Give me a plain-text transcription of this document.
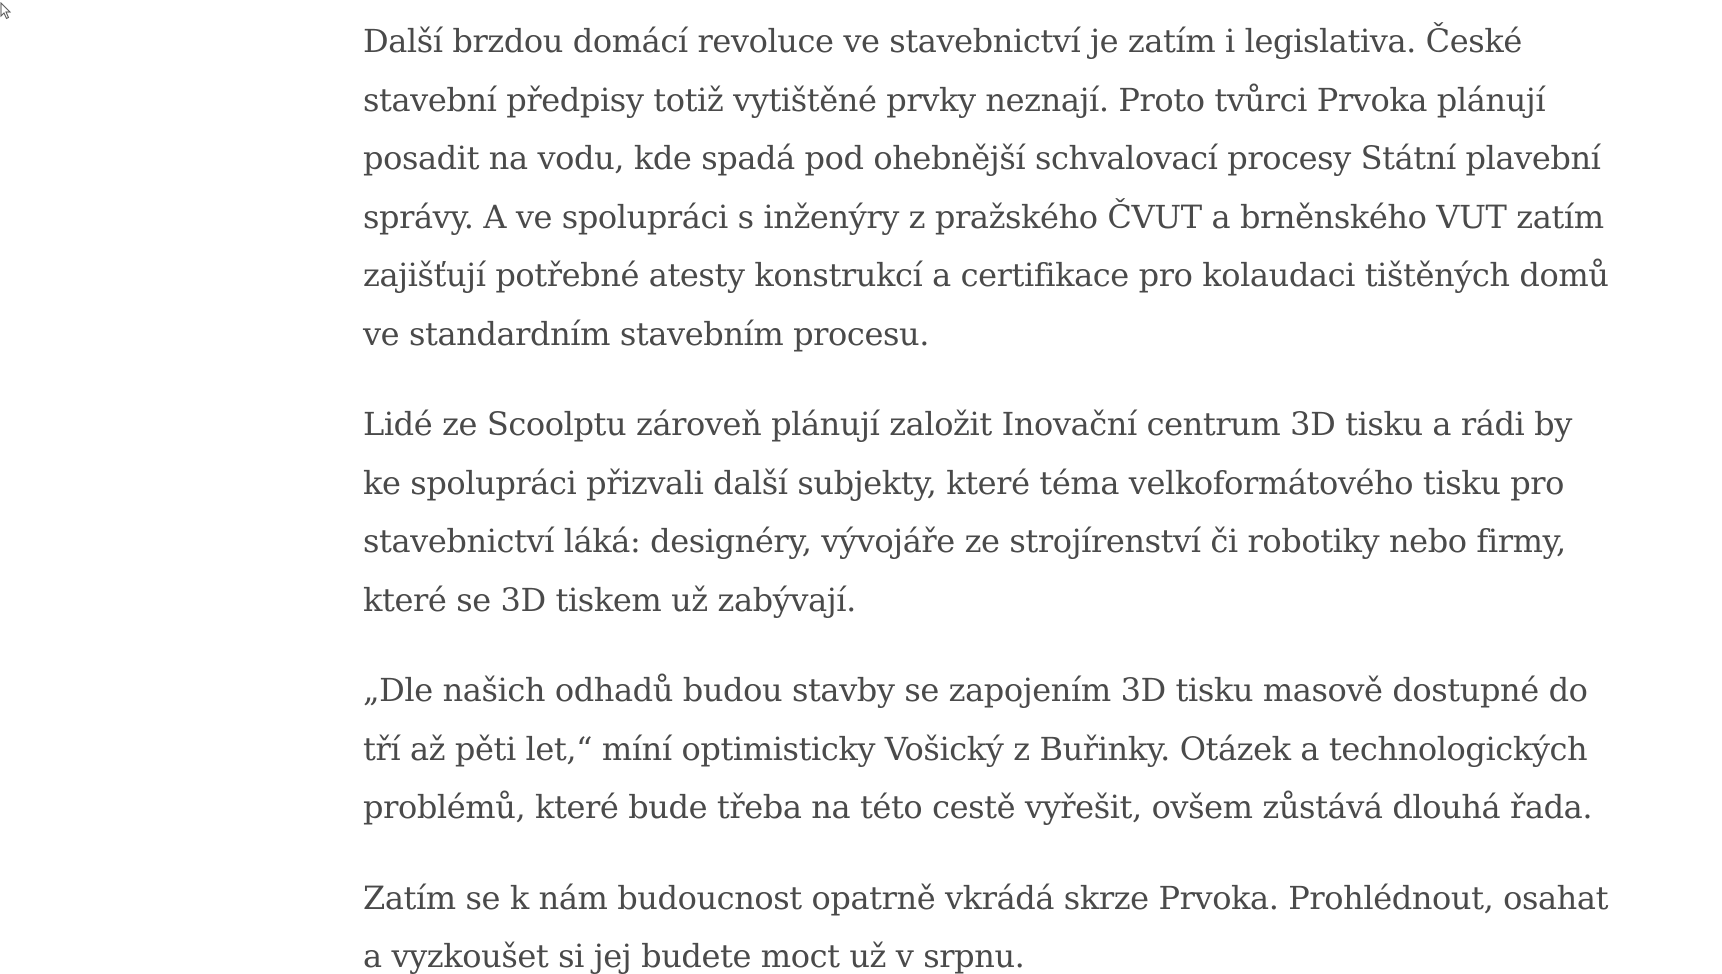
Další brzdou domácí revoluce ve stavebnictví je zatím i legislativa. České
stavební předpisy totiž vytištěné prvky neznají. Proto tvůrci Prvoka plánují
posadit na vodu, kde spadá pod ohebnější schvalovací procesy Státní plavební
správy. A ve spolupráci s inženýry z pražského ČVUT a brněnského VUT zatím
zajišťují potřebné atesty konstrukcí a certifikace pro kolaudaci tištěných domů
ve standardním stavebním procesu.

Lidé ze Scoolptu zároveň plánují založit Inovační centrum 3D tisku a rádi by
ke spolupráci přizvali další subjekty, které téma velkoformátového tisku pro
stavebnictví láká: designéry, vývojáře ze strojírenství či robotiky nebo firmy,
které se 3D tiskem už zabývají.

„Dle našich odhadů budou stavby se zapojením 3D tisku masově dostupné do
tří až pěti let,“ míní optimisticky Vošický z Buřinky. Otázek a technologických
problémů, které bude třeba na této cestě vyřešit, ovšem zůstává dlouhá řada.

Zatím se k nám budoucnost opatrně vkrádá skrze Prvoka. Prohlédnout, osahat
a vyzkoušet si jej budete moct už v srpnu.
